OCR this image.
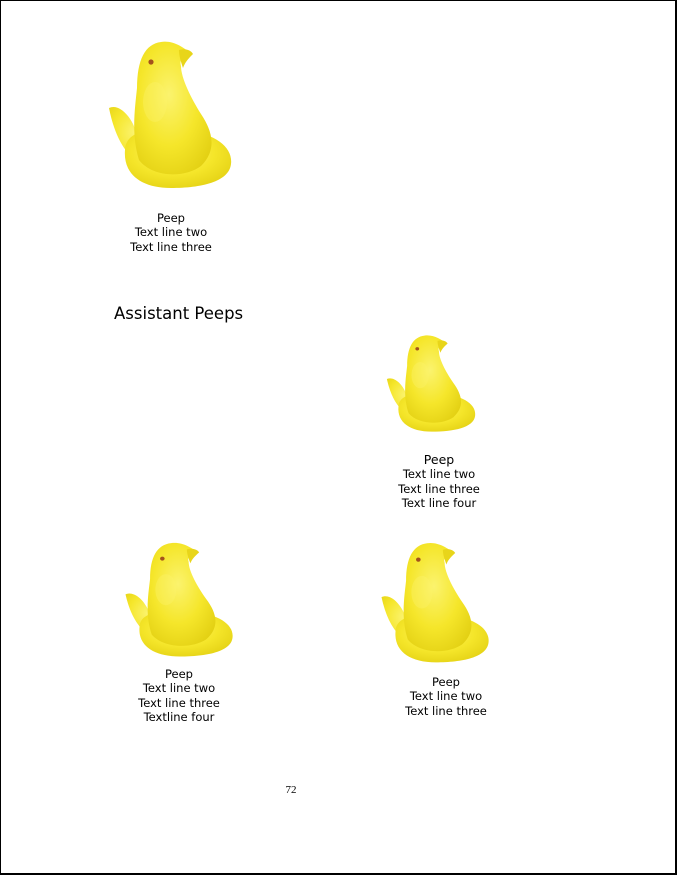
Peep
Text line two
Text line three
Assistant Peeps
Peep
Text line two
Text line three
Text line four
Peep
Text line two
Text line three
Textline four
Peep
Text line two
Text line three
72
